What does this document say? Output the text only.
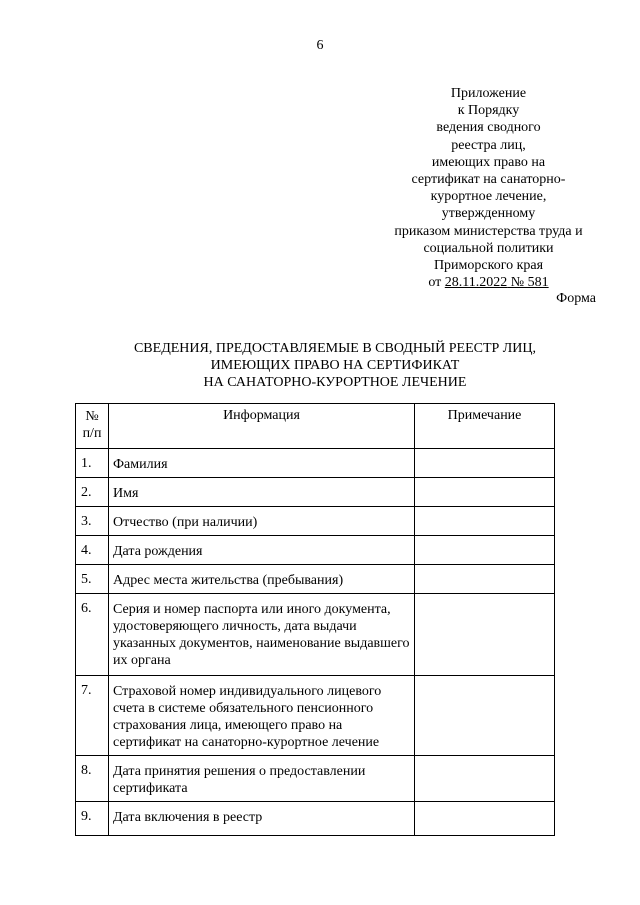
6
Приложение
к Порядку
ведения сводного
реестра лиц,
имеющих право на
сертификат на санаторно-
курортное лечение,
утвержденному
приказом министерства труда и
социальной политики
Приморского края
от 28.11.2022 № 581
Форма
СВЕДЕНИЯ, ПРЕДОСТАВЛЯЕМЫЕ В СВОДНЫЙ РЕЕСТР ЛИЦ,
ИМЕЮЩИХ ПРАВО НА СЕРТИФИКАТ
НА САНАТОРНО-КУРОРТНОЕ ЛЕЧЕНИЕ
№
п/п	Информация	Примечание
1.	Фамилия	
2.	Имя	
3.	Отчество (при наличии)	
4.	Дата рождения	
5.	Адрес места жительства (пребывания)	
6.	Серия и номер паспорта или иного документа, удостоверяющего личность, дата выдачи указанных документов, наименование выдавшего их органа	
7.	Страховой номер индивидуального лицевого счета в системе обязательного пенсионного страхования лица, имеющего право на сертификат на санаторно-курортное лечение	
8.	Дата принятия решения о предоставлении сертификата	
9.	Дата включения в реестр	
